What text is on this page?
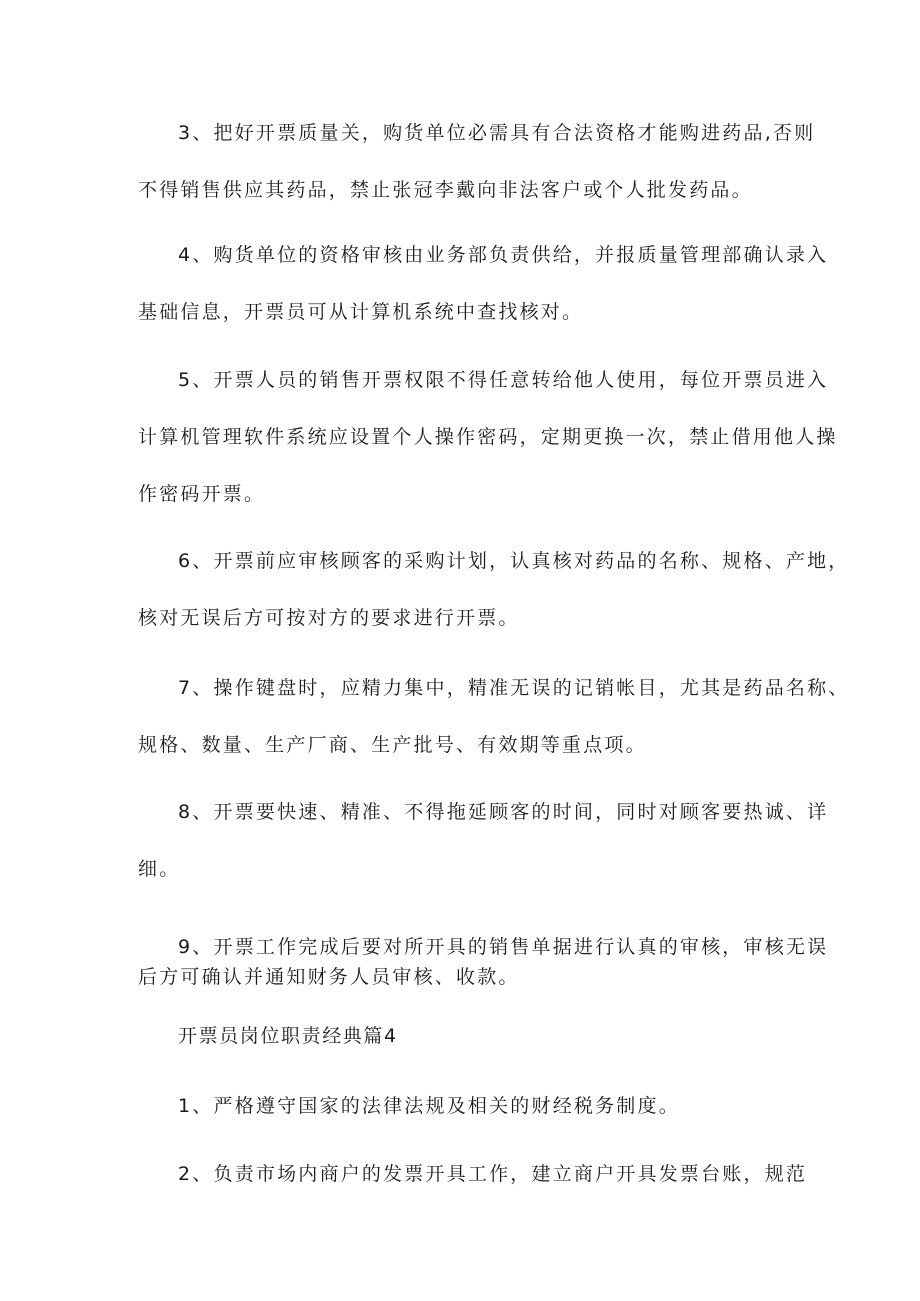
3、把好开票质量关，购货单位必需具有合法资格才能购进药品,否则
不得销售供应其药品，禁止张冠李戴向非法客户或个人批发药品。
4、购货单位的资格审核由业务部负责供给，并报质量管理部确认录入
基础信息，开票员可从计算机系统中查找核对。
5、开票人员的销售开票权限不得任意转给他人使用，每位开票员进入
计算机管理软件系统应设置个人操作密码，定期更换一次，禁止借用他人操
作密码开票。
6、开票前应审核顾客的采购计划，认真核对药品的名称、规格、产地，
核对无误后方可按对方的要求进行开票。
7、操作键盘时，应精力集中，精准无误的记销帐目，尤其是药品名称、
规格、数量、生产厂商、生产批号、有效期等重点项。
8、开票要快速、精准、不得拖延顾客的时间，同时对顾客要热诚、详
细。
9、开票工作完成后要对所开具的销售单据进行认真的审核，审核无误
后方可确认并通知财务人员审核、收款。
开票员岗位职责经典篇4
1、严格遵守国家的法律法规及相关的财经税务制度。
2、负责市场内商户的发票开具工作，建立商户开具发票台账，规范
